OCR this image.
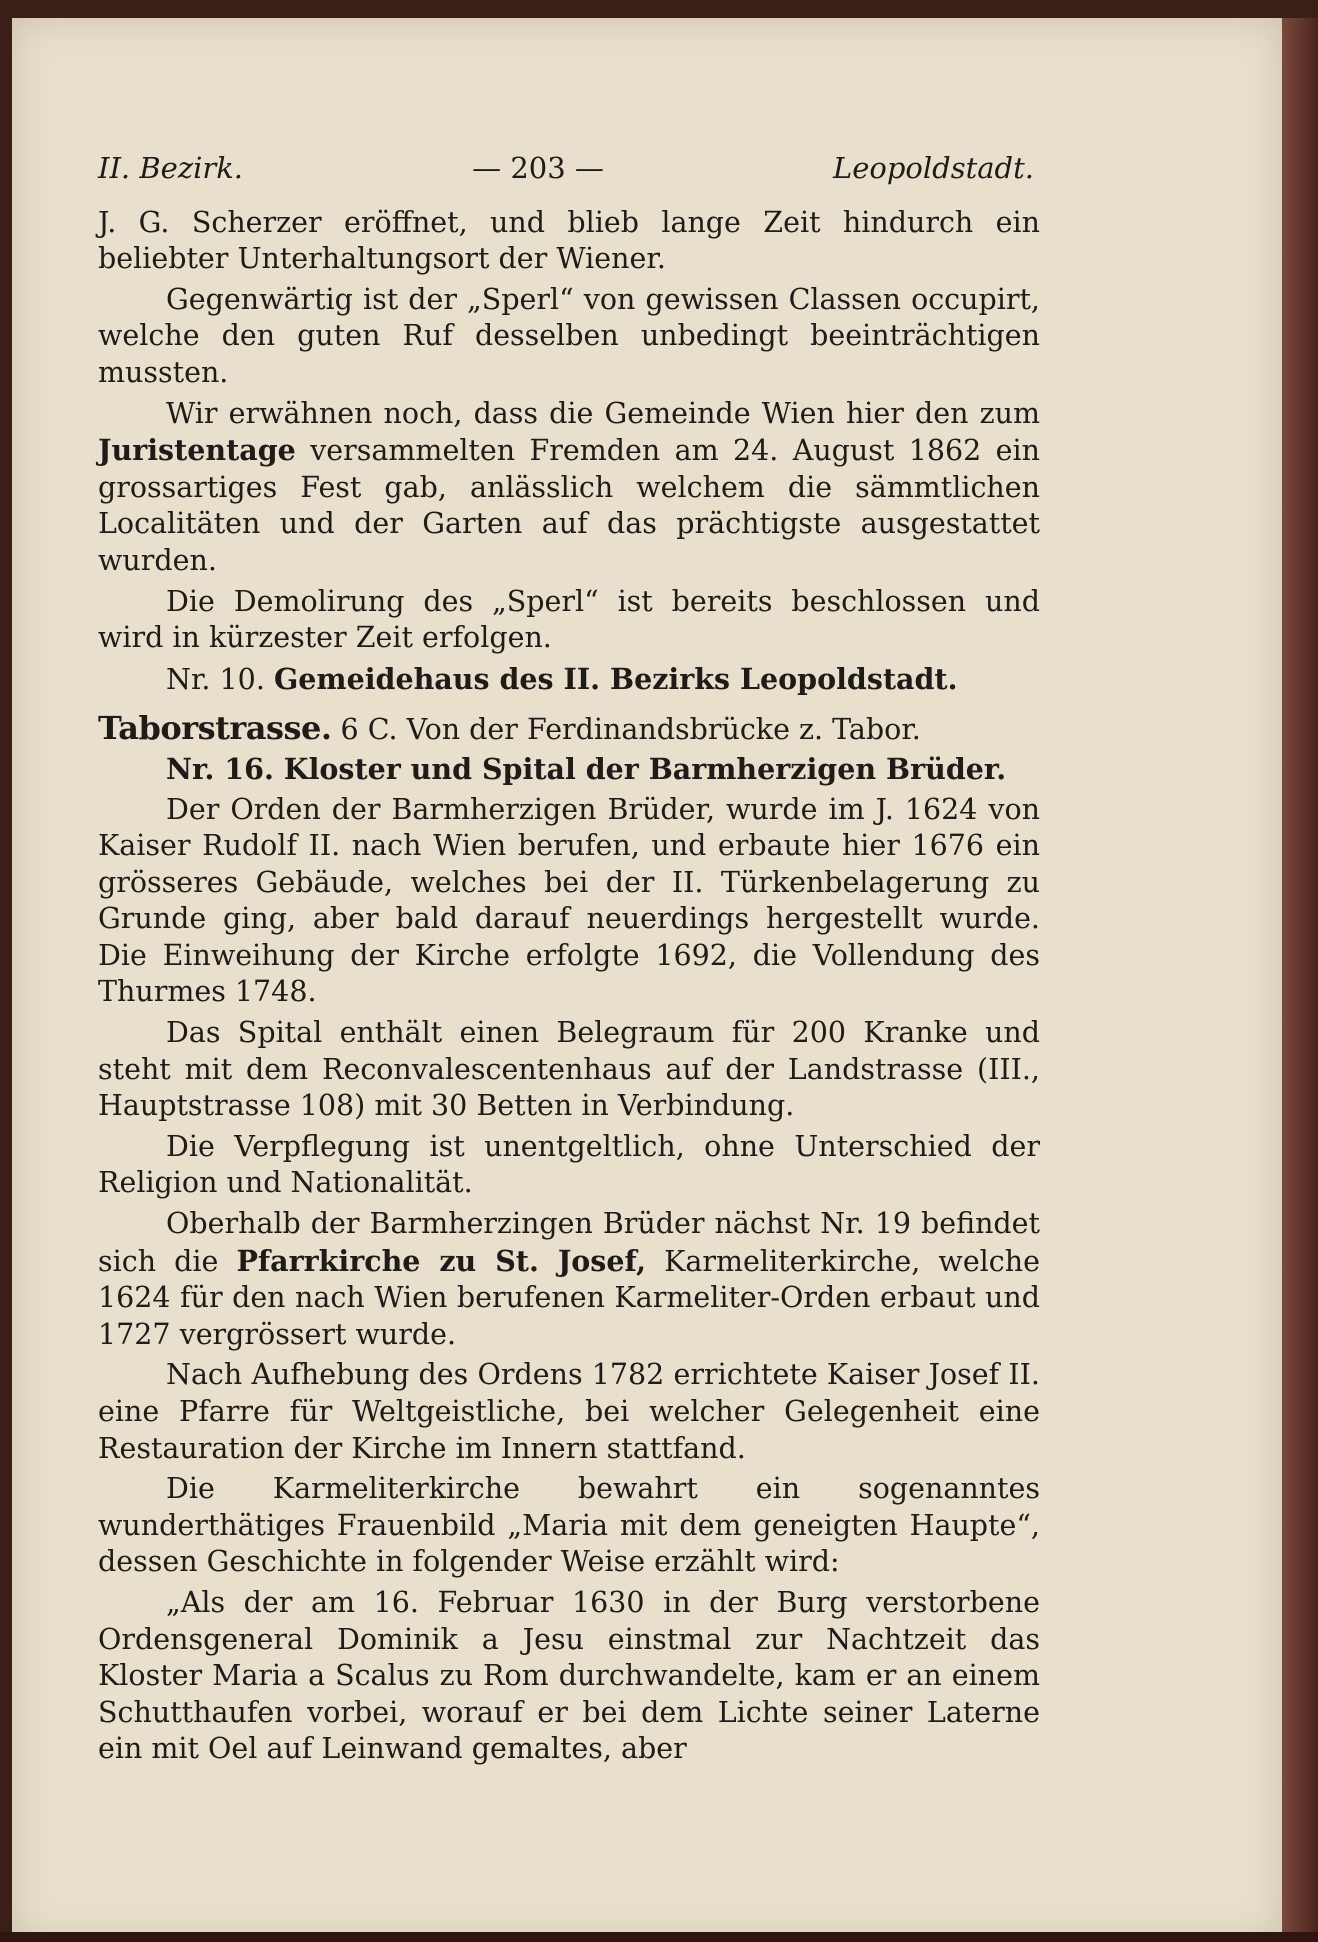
II. Bezirk.	— 203 —	Leopoldstadt.

J. G. Scherzer eröffnet, und blieb lange Zeit hindurch ein beliebter Unterhaltungsort der Wiener.

Gegenwärtig ist der „Sperl“ von gewissen Classen occupirt, welche den guten Ruf desselben unbedingt beeinträchtigen mussten.

Wir erwähnen noch, dass die Gemeinde Wien hier den zum Juristentage versammelten Fremden am 24. August 1862 ein grossartiges Fest gab, anlässlich welchem die sämmtlichen Localitäten und der Garten auf das prächtigste ausgestattet wurden.

Die Demolirung des „Sperl“ ist bereits beschlossen und wird in kürzester Zeit erfolgen.

Nr. 10. Gemeidehaus des II. Bezirks Leopoldstadt.

Taborstrasse. 6 C. Von der Ferdinandsbrücke z. Tabor.

Nr. 16. Kloster und Spital der Barmherzigen Brüder.

Der Orden der Barmherzigen Brüder, wurde im J. 1624 von Kaiser Rudolf II. nach Wien berufen, und erbaute hier 1676 ein grösseres Gebäude, welches bei der II. Türkenbelagerung zu Grunde ging, aber bald darauf neuerdings hergestellt wurde. Die Einweihung der Kirche erfolgte 1692, die Vollendung des Thurmes 1748.

Das Spital enthält einen Belegraum für 200 Kranke und steht mit dem Reconvalescentenhaus auf der Landstrasse (III., Hauptstrasse 108) mit 30 Betten in Verbindung.

Die Verpflegung ist unentgeltlich, ohne Unterschied der Religion und Nationalität.

Oberhalb der Barmherzingen Brüder nächst Nr. 19 befindet sich die Pfarrkirche zu St. Josef, Karmeliterkirche, welche 1624 für den nach Wien berufenen Karmeliter-Orden erbaut und 1727 vergrössert wurde.

Nach Aufhebung des Ordens 1782 errichtete Kaiser Josef II. eine Pfarre für Weltgeistliche, bei welcher Gelegenheit eine Restauration der Kirche im Innern stattfand.

Die Karmeliterkirche bewahrt ein sogenanntes wunderthätiges Frauenbild „Maria mit dem geneigten Haupte“, dessen Geschichte in folgender Weise erzählt wird:

„Als der am 16. Februar 1630 in der Burg verstorbene Ordensgeneral Dominik a Jesu einstmal zur Nachtzeit das Kloster Maria a Scalus zu Rom durchwandelte, kam er an einem Schutthaufen vorbei, worauf er bei dem Lichte seiner Laterne ein mit Oel auf Leinwand gemaltes, aber
